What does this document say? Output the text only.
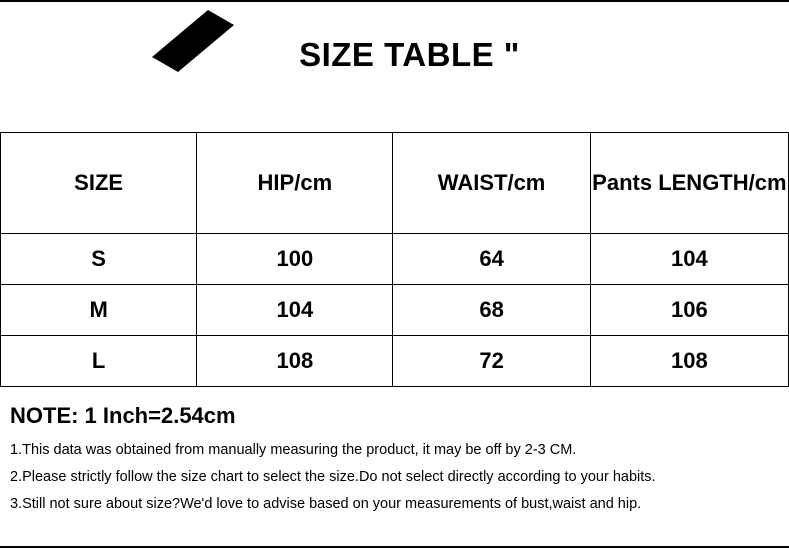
SIZE TABLE "
SIZE	HIP/cm	WAIST/cm	Pants LENGTH/cm
S	100	64	104
M	104	68	106
L	108	72	108

NOTE: 1 Inch=2.54cm

1.This data was obtained from manually measuring the product, it may be off by 2-3 CM.

2.Please strictly follow the size chart to select the size.Do not select directly according to your habits.

3.Still not sure about size?We'd love to advise based on your measurements of bust,waist and hip.
